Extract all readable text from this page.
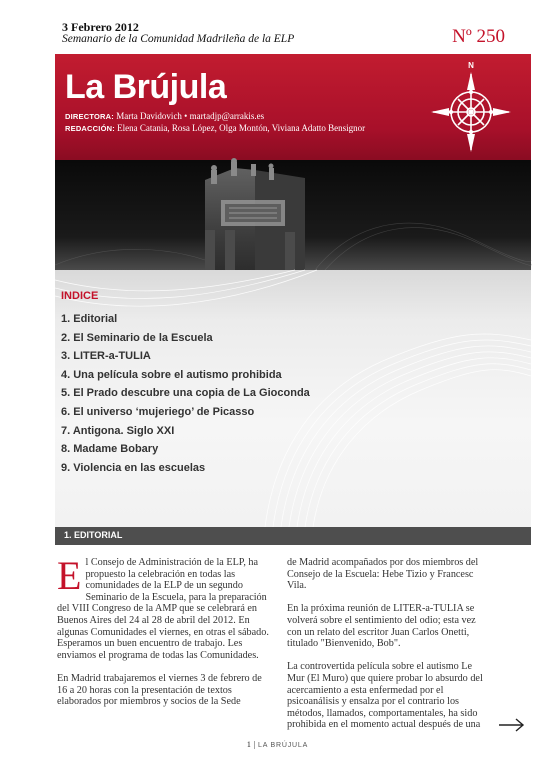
3 Febrero 2012
Semanario de la Comunidad Madrileña de la ELP	Nº 250
La Brújula
DIRECTORA: Marta Davidovich • martadjp@arrakis.es
REDACCIÓN: Elena Catania, Rosa López, Olga Montón, Viviana Adatto Bensignor
N
INDICE
1. Editorial
2. El Seminario de la Escuela
3. LITER-a-TULIA
4. Una película sobre el autismo prohibida
5. El Prado descubre una copia de La Gioconda
6. El universo ‘mujeriego’ de Picasso
7. Antigona. Siglo XXI
8. Madame Bobary
9. Violencia en las escuelas
1. EDITORIAL

El Consejo de Administración de la ELP, ha propuesto la celebración en todas las comunidades de la ELP de un segundo Seminario de la Escuela, para la preparación del VIII Congreso de la AMP que se celebrará en Buenos Aires del 24 al 28 de abril del 2012. En algunas Comunidades el viernes, en otras el sábado. Esperamos un buen encuentro de trabajo. Les enviamos el programa de todas las Comunidades.

En Madrid trabajaremos el viernes 3 de febrero de 16 a 20 horas con la presentación de textos elaborados por miembros y socios de la Sede

de Madrid acompañados por dos miembros del Consejo de la Escuela: Hebe Tizio y Francesc Vila.

En la próxima reunión de LITER-a-TULIA se volverá sobre el sentimiento del odio; esta vez con un relato del escritor Juan Carlos Onetti, titulado "Bienvenido, Bob".

La controvertida película sobre el autismo Le Mur (El Muro) que quiere probar lo absurdo del acercamiento a esta enfermedad por el psicoanálisis y ensalza por el contrario los métodos, llamados, comportamentales, ha sido prohibida en el momento actual después de una

1 | LA BRÚJULA
